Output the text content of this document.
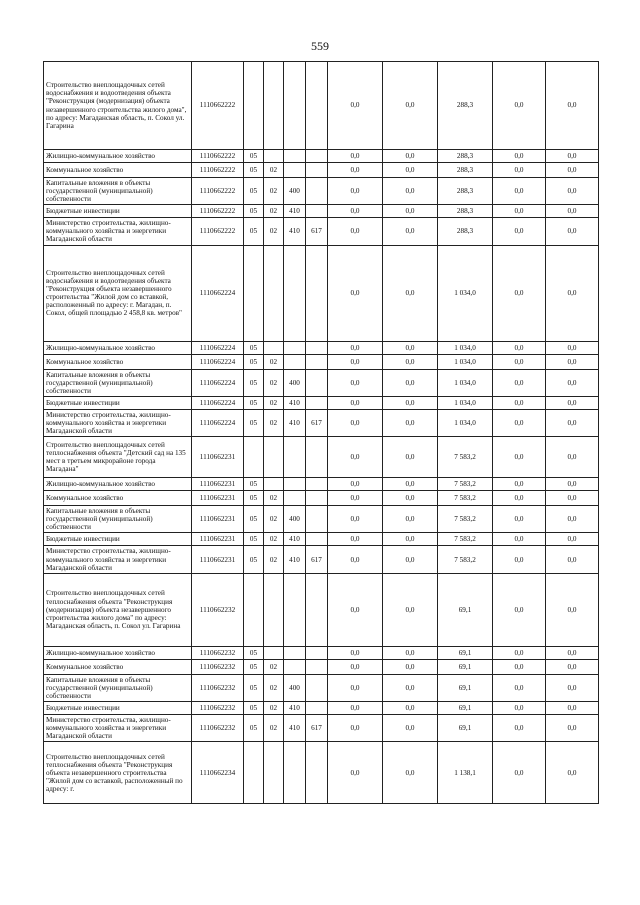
559
Строительство внеплощадочных сетей водоснабжения и водоотведения объекта "Реконструкция (модернизация) объекта незавершенного строительства жилого дома", по адресу: Магаданская область, п. Сокол ул. Гагарина	1110662222					0,0	0,0	288,3	0,0	0,0
Жилищно-коммунальное хозяйство	1110662222	05				0,0	0,0	288,3	0,0	0,0
Коммунальное хозяйство	1110662222	05	02			0,0	0,0	288,3	0,0	0,0
Капитальные вложения в объекты государственной (муниципальной) собственности	1110662222	05	02	400		0,0	0,0	288,3	0,0	0,0
Бюджетные инвестиции	1110662222	05	02	410		0,0	0,0	288,3	0,0	0,0
Министерство строительства, жилищно-коммунального хозяйства и энергетики Магаданской области	1110662222	05	02	410	617	0,0	0,0	288,3	0,0	0,0
Строительство внеплощадочных сетей водоснабжения и водоотведения объекта "Реконструкция объекта незавершенного строительства "Жилой дом со вставкой, расположенный по адресу: г. Магадан, п. Сокол, общей площадью 2 458,8 кв. метров"	1110662224					0,0	0,0	1 034,0	0,0	0,0
Жилищно-коммунальное хозяйство	1110662224	05				0,0	0,0	1 034,0	0,0	0,0
Коммунальное хозяйство	1110662224	05	02			0,0	0,0	1 034,0	0,0	0,0
Капитальные вложения в объекты государственной (муниципальной) собственности	1110662224	05	02	400		0,0	0,0	1 034,0	0,0	0,0
Бюджетные инвестиции	1110662224	05	02	410		0,0	0,0	1 034,0	0,0	0,0
Министерство строительства, жилищно-коммунального хозяйства и энергетики Магаданской области	1110662224	05	02	410	617	0,0	0,0	1 034,0	0,0	0,0
Строительство внеплощадочных сетей теплоснабжения объекта "Детский сад на 135 мест в третьем микрорайоне города Магадана"	1110662231					0,0	0,0	7 583,2	0,0	0,0
Жилищно-коммунальное хозяйство	1110662231	05				0,0	0,0	7 583,2	0,0	0,0
Коммунальное хозяйство	1110662231	05	02			0,0	0,0	7 583,2	0,0	0,0
Капитальные вложения в объекты государственной (муниципальной) собственности	1110662231	05	02	400		0,0	0,0	7 583,2	0,0	0,0
Бюджетные инвестиции	1110662231	05	02	410		0,0	0,0	7 583,2	0,0	0,0
Министерство строительства, жилищно-коммунального хозяйства и энергетики Магаданской области	1110662231	05	02	410	617	0,0	0,0	7 583,2	0,0	0,0
Строительство внеплощадочных сетей теплоснабжения объекта "Реконструкция (модернизация) объекта незавершенного строительства жилого дома" по адресу: Магаданская область, п. Сокол ул. Гагарина	1110662232					0,0	0,0	69,1	0,0	0,0
Жилищно-коммунальное хозяйство	1110662232	05				0,0	0,0	69,1	0,0	0,0
Коммунальное хозяйство	1110662232	05	02			0,0	0,0	69,1	0,0	0,0
Капитальные вложения в объекты государственной (муниципальной) собственности	1110662232	05	02	400		0,0	0,0	69,1	0,0	0,0
Бюджетные инвестиции	1110662232	05	02	410		0,0	0,0	69,1	0,0	0,0
Министерство строительства, жилищно-коммунального хозяйства и энергетики Магаданской области	1110662232	05	02	410	617	0,0	0,0	69,1	0,0	0,0
Строительство внеплощадочных сетей теплоснабжения объекта "Реконструкция объекта незавершенного строительства "Жилой дом со вставкой, расположенный по адресу: г.	1110662234					0,0	0,0	1 138,1	0,0	0,0
